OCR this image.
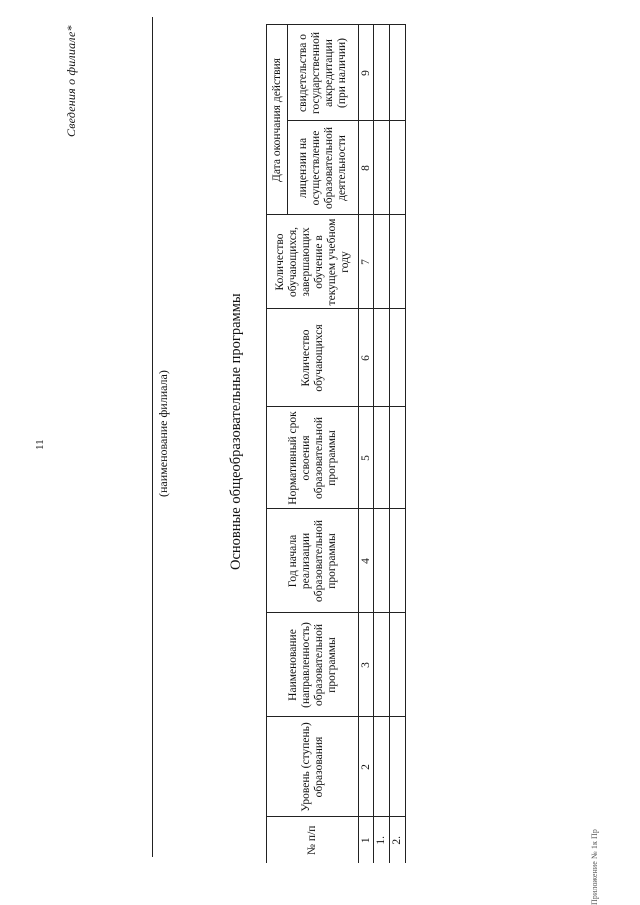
Сведения о филиале*
11	(наименование филиала)	Основные общеобразовательные программы
№ п/п	Уровень (ступень) образования	Наименование (направленность) образовательной программы	Год начала реализации образовательной программы	Нормативный срок освоения образовательной программы	Количество обучающихся	Количество обучающихся, завершающих обучение в текущем учебном году	Дата окончания действия	
							лицензии на осуществление образовательной деятельности	свидетельства о государственной аккредитации (при наличии)
1	2	3	4	5	6	7	8	9
1.								
2.									Приложение № 1к Пр
